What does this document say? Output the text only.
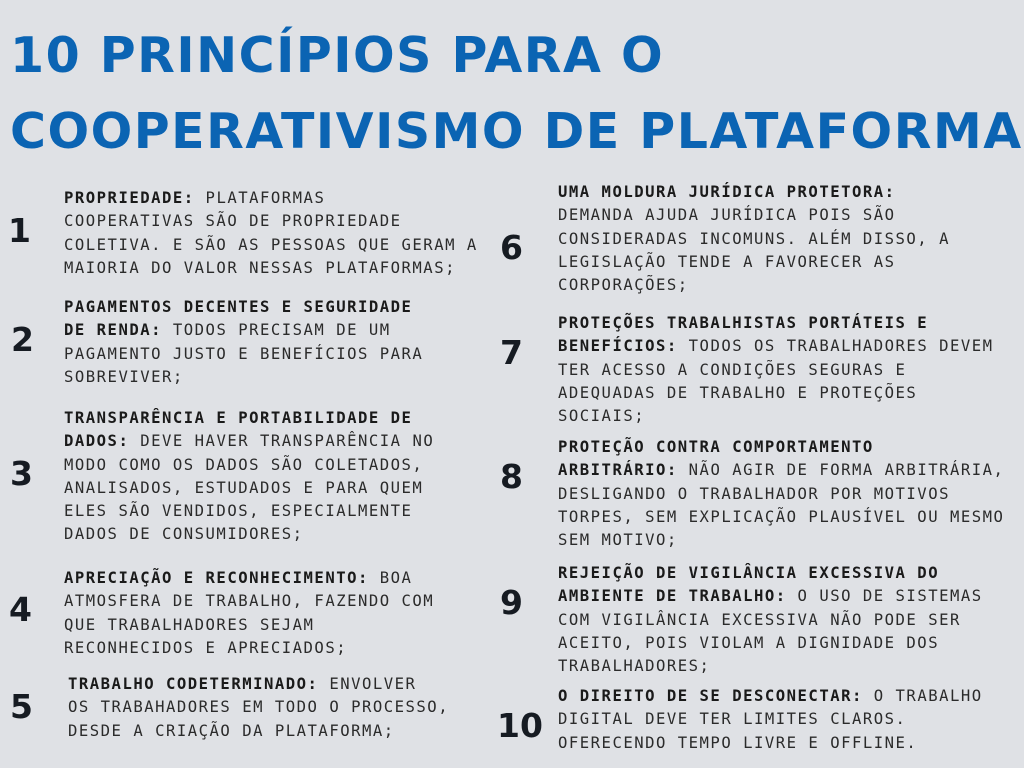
10 PRINCÍPIOS PARA O
COOPERATIVISMO DE PLATAFORMA
1
PROPRIEDADE: PLATAFORMAS
COOPERATIVAS SÃO DE PROPRIEDADE
COLETIVA. E SÃO AS PESSOAS QUE GERAM A
MAIORIA DO VALOR NESSAS PLATAFORMAS;
2
PAGAMENTOS DECENTES E SEGURIDADE
DE RENDA: TODOS PRECISAM DE UM
PAGAMENTO JUSTO E BENEFÍCIOS PARA
SOBREVIVER;
3
TRANSPARÊNCIA E PORTABILIDADE DE
DADOS: DEVE HAVER TRANSPARÊNCIA NO
MODO COMO OS DADOS SÃO COLETADOS,
ANALISADOS, ESTUDADOS E PARA QUEM
ELES SÃO VENDIDOS, ESPECIALMENTE
DADOS DE CONSUMIDORES;
4
APRECIAÇÃO E RECONHECIMENTO: BOA
ATMOSFERA DE TRABALHO, FAZENDO COM
QUE TRABALHADORES SEJAM
RECONHECIDOS E APRECIADOS;
5
TRABALHO CODETERMINADO: ENVOLVER
OS TRABAHADORES EM TODO O PROCESSO,
DESDE A CRIAÇÃO DA PLATAFORMA;
6
UMA MOLDURA JURÍDICA PROTETORA:
DEMANDA AJUDA JURÍDICA POIS SÃO
CONSIDERADAS INCOMUNS. ALÉM DISSO, A
LEGISLAÇÃO TENDE A FAVORECER AS
CORPORAÇÕES;
7
PROTEÇÕES TRABALHISTAS PORTÁTEIS E
BENEFÍCIOS: TODOS OS TRABALHADORES DEVEM
TER ACESSO A CONDIÇÕES SEGURAS E
ADEQUADAS DE TRABALHO E PROTEÇÕES
SOCIAIS;
8
PROTEÇÃO CONTRA COMPORTAMENTO
ARBITRÁRIO: NÃO AGIR DE FORMA ARBITRÁRIA,
DESLIGANDO O TRABALHADOR POR MOTIVOS
TORPES, SEM EXPLICAÇÃO PLAUSÍVEL OU MESMO
SEM MOTIVO;
9
REJEIÇÃO DE VIGILÂNCIA EXCESSIVA DO
AMBIENTE DE TRABALHO: O USO DE SISTEMAS
COM VIGILÂNCIA EXCESSIVA NÃO PODE SER
ACEITO, POIS VIOLAM A DIGNIDADE DOS
TRABALHADORES;
10
O DIREITO DE SE DESCONECTAR: O TRABALHO
DIGITAL DEVE TER LIMITES CLAROS.
OFERECENDO TEMPO LIVRE E OFFLINE.
